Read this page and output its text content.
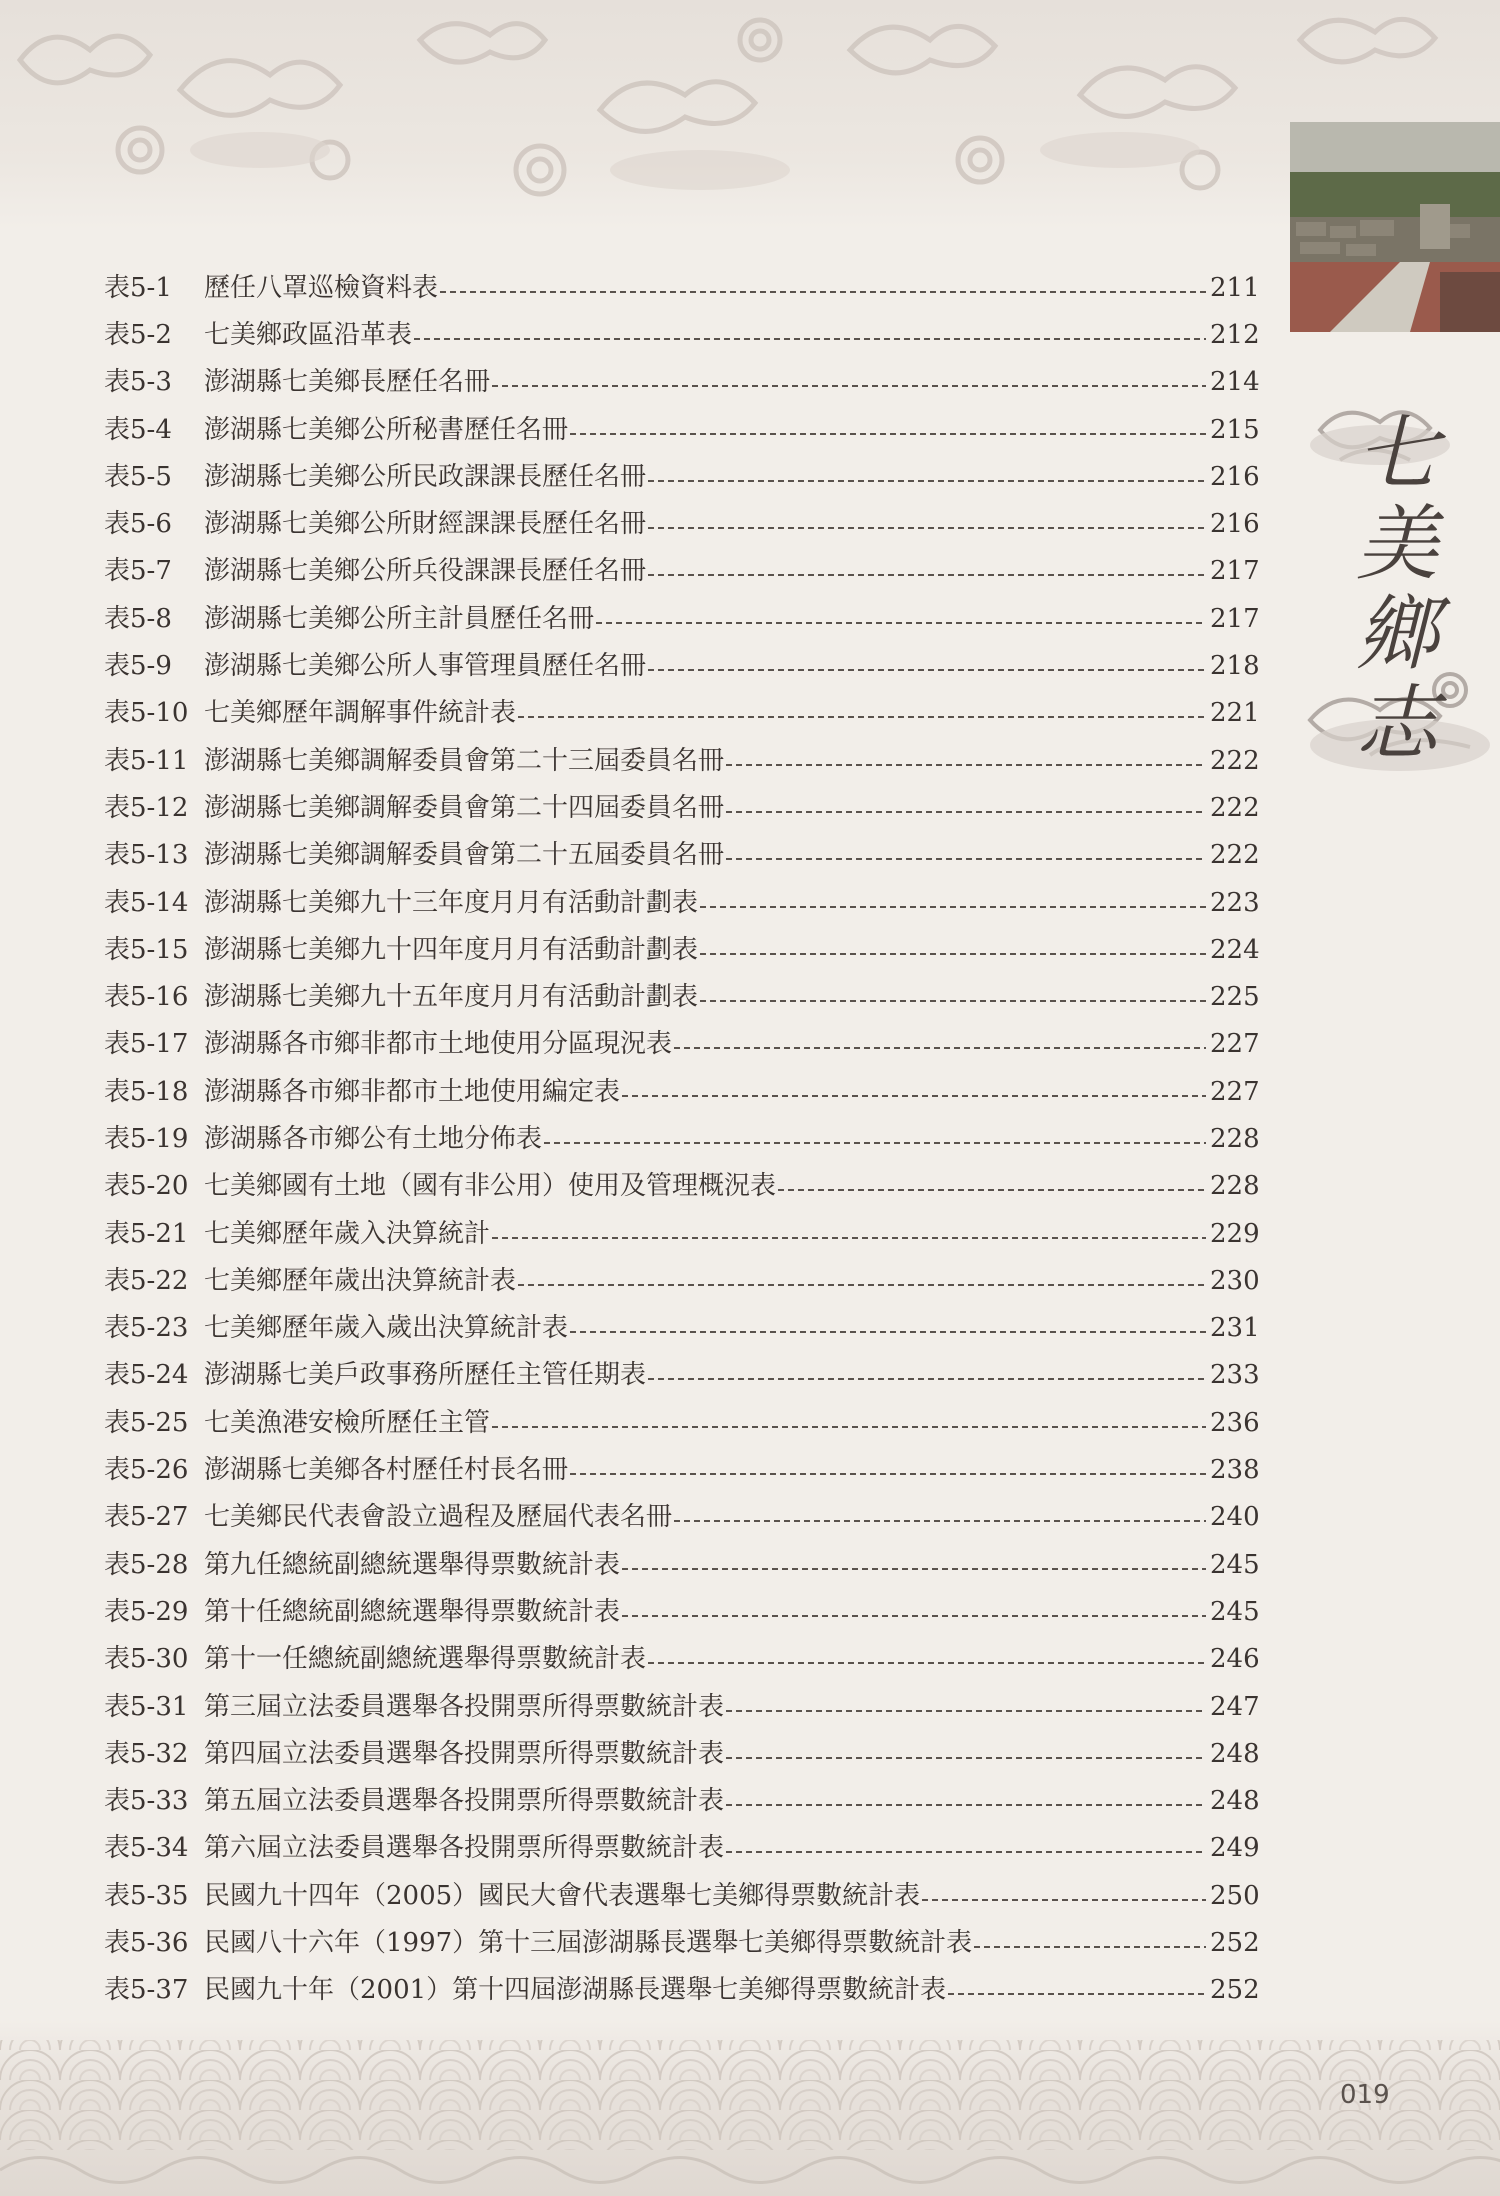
七
美
鄉
志
表5-1	歷任八罩巡檢資料表	211
表5-2	七美鄉政區沿革表	212
表5-3	澎湖縣七美鄉長歷任名冊	214
表5-4	澎湖縣七美鄉公所秘書歷任名冊	215
表5-5	澎湖縣七美鄉公所民政課課長歷任名冊	216
表5-6	澎湖縣七美鄉公所財經課課長歷任名冊	216
表5-7	澎湖縣七美鄉公所兵役課課長歷任名冊	217
表5-8	澎湖縣七美鄉公所主計員歷任名冊	217
表5-9	澎湖縣七美鄉公所人事管理員歷任名冊	218
表5-10 七美鄉歷年調解事件統計表	221
表5-11 澎湖縣七美鄉調解委員會第二十三屆委員名冊	222
表5-12 澎湖縣七美鄉調解委員會第二十四屆委員名冊	222
表5-13 澎湖縣七美鄉調解委員會第二十五屆委員名冊	222
表5-14 澎湖縣七美鄉九十三年度月月有活動計劃表	223
表5-15 澎湖縣七美鄉九十四年度月月有活動計劃表	224
表5-16 澎湖縣七美鄉九十五年度月月有活動計劃表	225
表5-17 澎湖縣各市鄉非都市土地使用分區現況表	227
表5-18 澎湖縣各市鄉非都市土地使用編定表	227
表5-19 澎湖縣各市鄉公有土地分佈表	228
表5-20 七美鄉國有土地（國有非公用）使用及管理概況表	228
表5-21 七美鄉歷年歲入決算統計	229
表5-22 七美鄉歷年歲出決算統計表	230
表5-23 七美鄉歷年歲入歲出決算統計表	231
表5-24 澎湖縣七美戶政事務所歷任主管任期表	233
表5-25 七美漁港安檢所歷任主管	236
表5-26 澎湖縣七美鄉各村歷任村長名冊	238
表5-27 七美鄉民代表會設立過程及歷屆代表名冊	240
表5-28 第九任總統副總統選舉得票數統計表	245
表5-29 第十任總統副總統選舉得票數統計表	245
表5-30 第十一任總統副總統選舉得票數統計表	246
表5-31 第三屆立法委員選舉各投開票所得票數統計表	247
表5-32 第四屆立法委員選舉各投開票所得票數統計表	248
表5-33 第五屆立法委員選舉各投開票所得票數統計表	248
表5-34 第六屆立法委員選舉各投開票所得票數統計表	249
表5-35 民國九十四年（2005）國民大會代表選舉七美鄉得票數統計表	250
表5-36 民國八十六年（1997）第十三屆澎湖縣長選舉七美鄉得票數統計表	252
表5-37 民國九十年（2001）第十四屆澎湖縣長選舉七美鄉得票數統計表	252
019
